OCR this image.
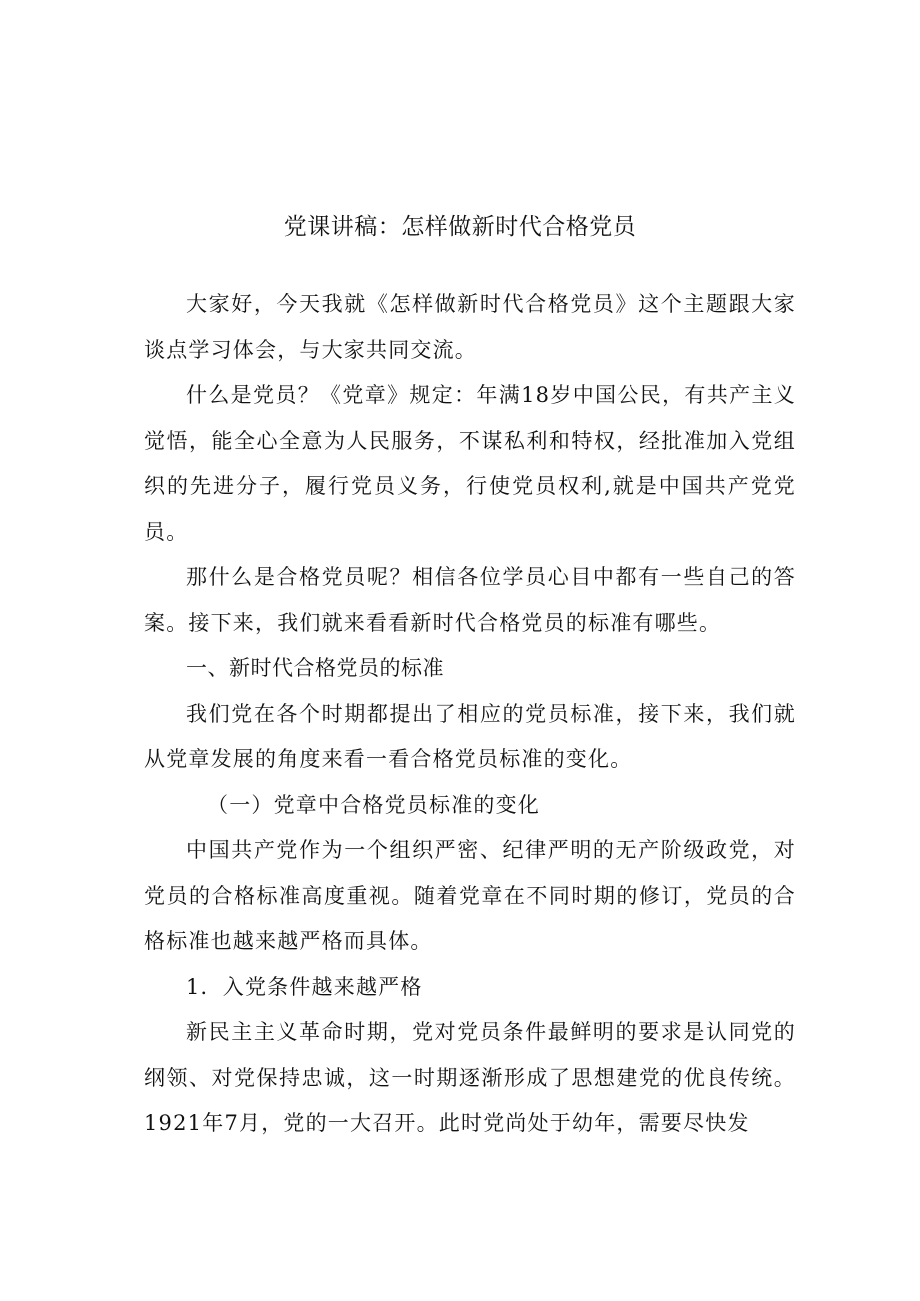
党课讲稿：怎样做新时代合格党员

大家好，今天我就《怎样做新时代合格党员》这个主题跟大家谈点学习体会，与大家共同交流。

什么是党员？《党章》规定：年满18岁中国公民，有共产主义觉悟，能全心全意为人民服务，不谋私利和特权，经批准加入党组织的先进分子，履行党员义务，行使党员权利,就是中国共产党党员。

那什么是合格党员呢？相信各位学员心目中都有一些自己的答案。接下来，我们就来看看新时代合格党员的标准有哪些。

一、新时代合格党员的标准

我们党在各个时期都提出了相应的党员标准，接下来，我们就从党章发展的角度来看一看合格党员标准的变化。

（一）党章中合格党员标准的变化

中国共产党作为一个组织严密、纪律严明的无产阶级政党，对党员的合格标准高度重视。随着党章在不同时期的修订，党员的合格标准也越来越严格而具体。

1．入党条件越来越严格

新民主主义革命时期，党对党员条件最鲜明的要求是认同党的纲领、对党保持忠诚，这一时期逐渐形成了思想建党的优良传统。1921年7月，党的一大召开。此时党尚处于幼年，需要尽快发
